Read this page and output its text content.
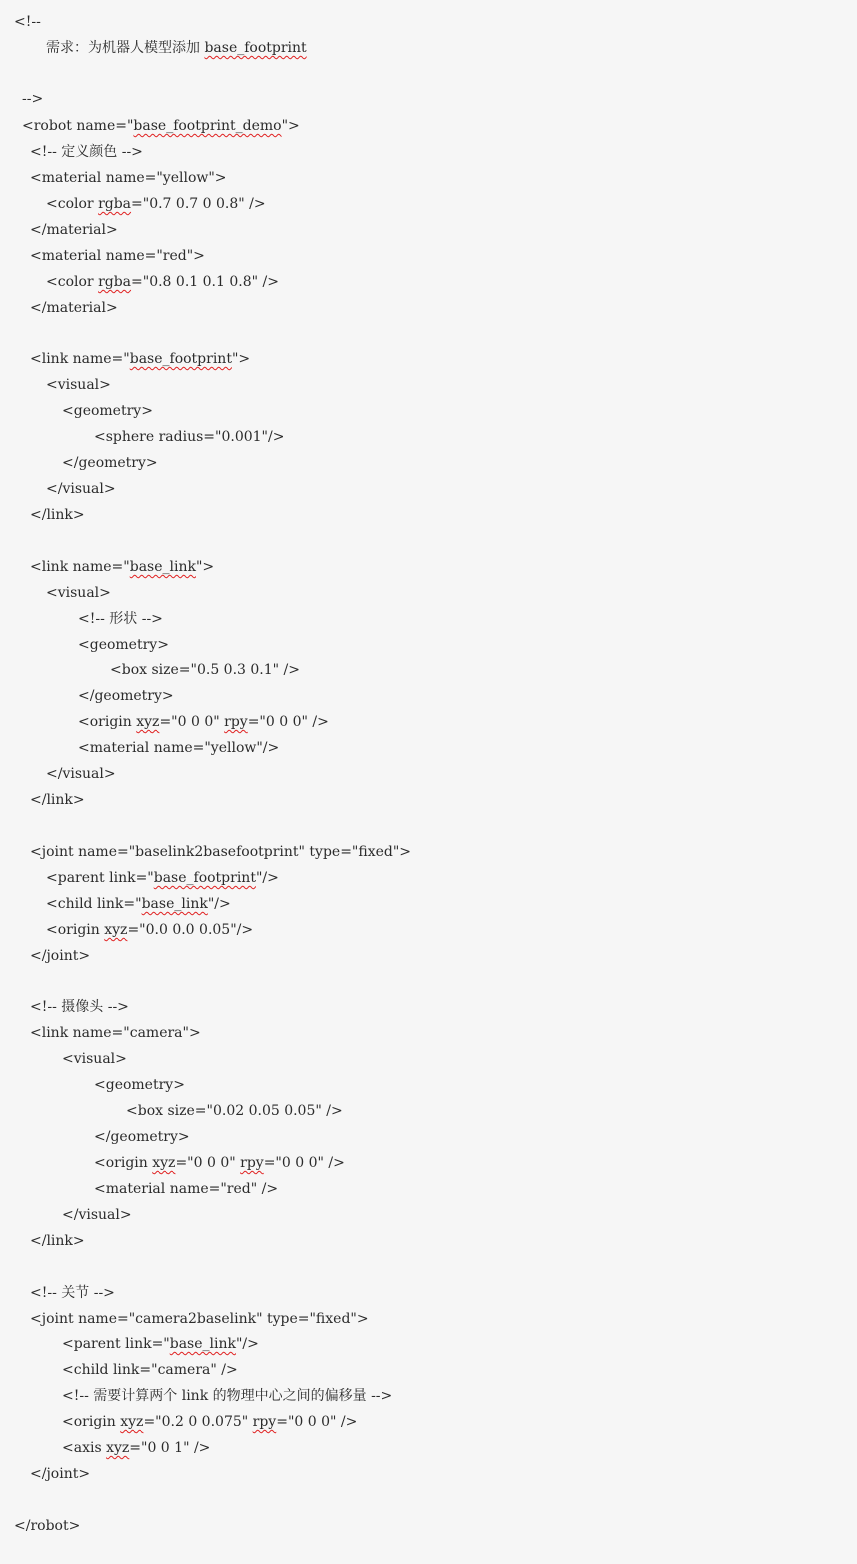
<!--
需求：为机器人模型添加 base_footprint
-->
<robot name="base_footprint_demo">
<!-- 定义颜色 -->
<material name="yellow">
<color rgba="0.7 0.7 0 0.8" />
</material>
<material name="red">
<color rgba="0.8 0.1 0.1 0.8" />
</material>
<link name="base_footprint">
<visual>
<geometry>
<sphere radius="0.001"/>
</geometry>
</visual>
</link>
<link name="base_link">
<visual>
<!-- 形状 -->
<geometry>
<box size="0.5 0.3 0.1" />
</geometry>
<origin xyz="0 0 0" rpy="0 0 0" />
<material name="yellow"/>
</visual>
</link>
<joint name="baselink2basefootprint" type="fixed">
<parent link="base_footprint"/>
<child link="base_link"/>
<origin xyz="0.0 0.0 0.05"/>
</joint>
<!-- 摄像头 -->
<link name="camera">
<visual>
<geometry>
<box size="0.02 0.05 0.05" />
</geometry>
<origin xyz="0 0 0" rpy="0 0 0" />
<material name="red" />
</visual>
</link>
<!-- 关节 -->
<joint name="camera2baselink" type="fixed">
<parent link="base_link"/>
<child link="camera" />
<!-- 需要计算两个 link 的物理中心之间的偏移量 -->
<origin xyz="0.2 0 0.075" rpy="0 0 0" />
<axis xyz="0 0 1" />
</joint>
</robot>
